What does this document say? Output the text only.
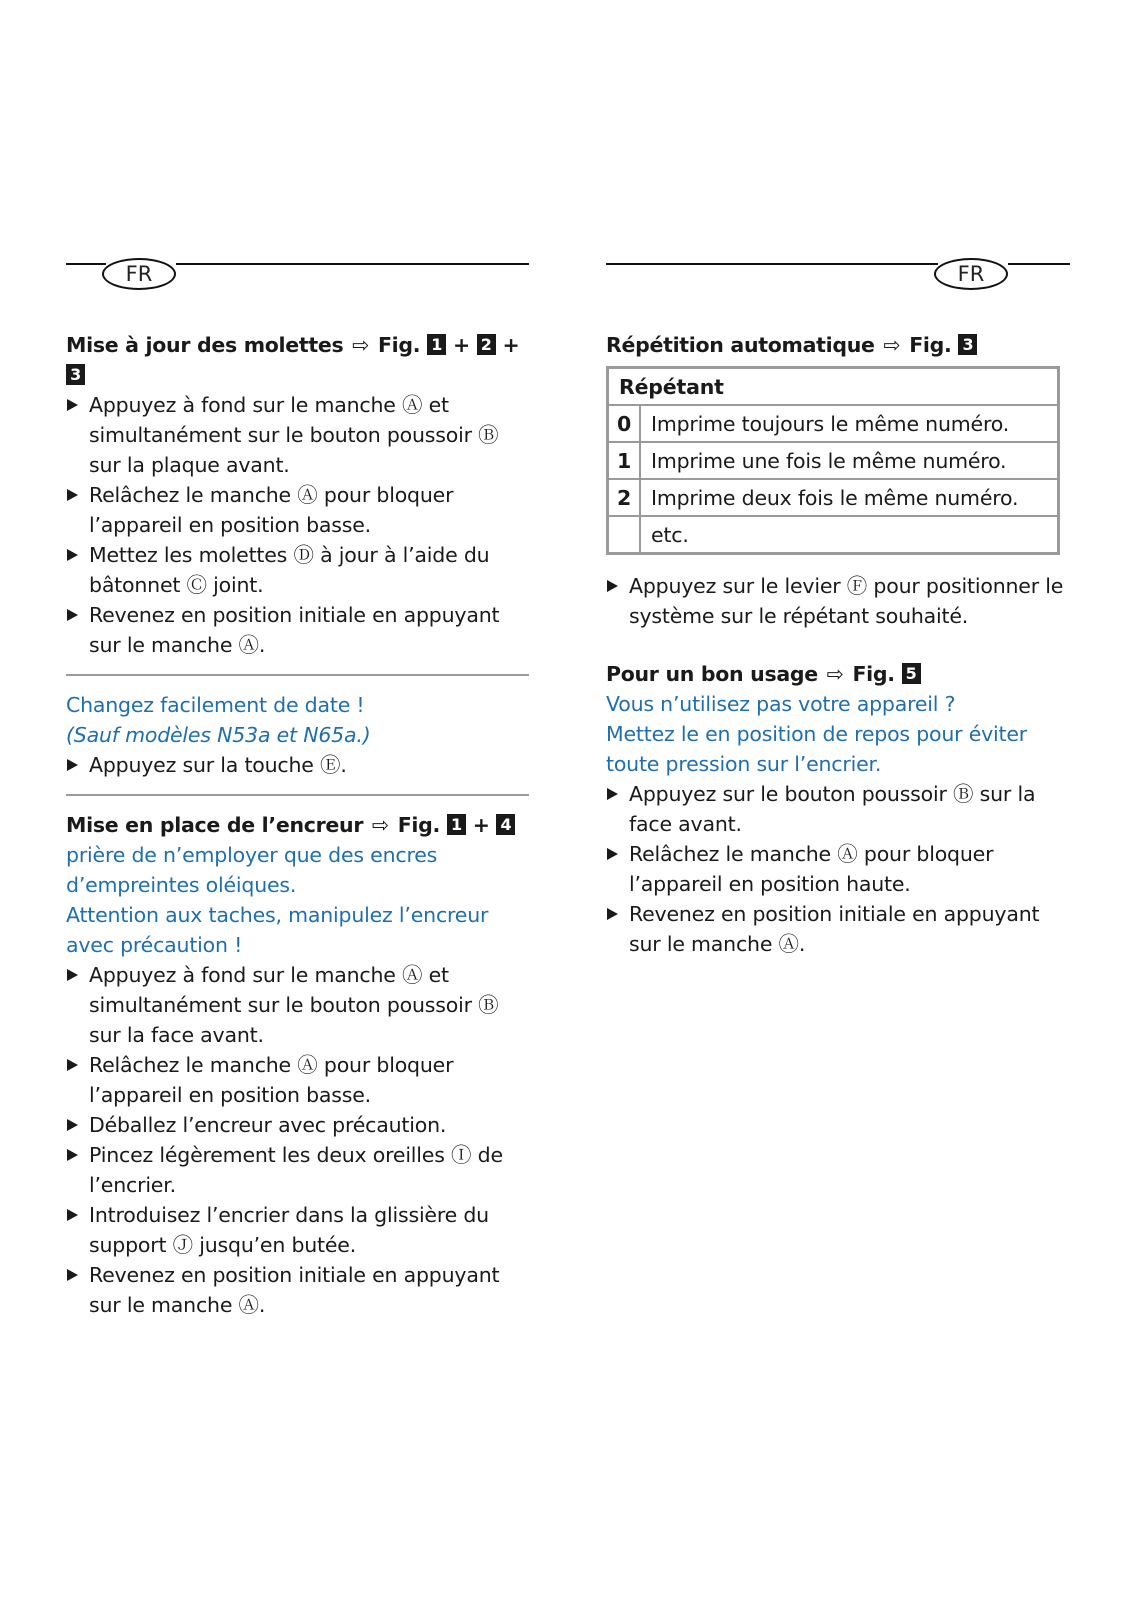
FR	FR
Mise à jour des molettes ⇨ Fig. 1 + 2 + 3
Appuyez à fond sur le manche Ⓐ et simultanément sur le bouton poussoir Ⓑ sur la plaque avant.
Relâchez le manche Ⓐ pour bloquer l’appareil en position basse.
Mettez les molettes Ⓓ à jour à l’aide du bâtonnet Ⓒ joint.
Revenez en position initiale en appuyant sur le manche Ⓐ.
Changez facilement de date !
(Sauf modèles N53a et N65a.)
Appuyez sur la touche Ⓔ.
Mise en place de l’encreur ⇨ Fig. 1 + 4
prière de n’employer que des encres d’empreintes oléiques.
Attention aux taches, manipulez l’encreur avec précaution !
Appuyez à fond sur le manche Ⓐ et simultanément sur le bouton poussoir Ⓑ sur la face avant.
Relâchez le manche Ⓐ pour bloquer l’appareil en position basse.
Déballez l’encreur avec précaution.
Pincez légèrement les deux oreilles Ⓘ de l’encrier.
Introduisez l’encrier dans la glissière du support Ⓙ jusqu’en butée.
Revenez en position initiale en appuyant sur le manche Ⓐ.
Répétition automatique ⇨ Fig. 3
Répétant	
0	Imprime toujours le même numéro.
1	Imprime une fois le même numéro.
2	Imprime deux fois le même numéro.
	etc.
Appuyez sur le levier Ⓕ pour positionner le système sur le répétant souhaité.
Pour un bon usage ⇨ Fig. 5
Vous n’utilisez pas votre appareil ?
Mettez le en position de repos pour éviter toute pression sur l’encrier.
Appuyez sur le bouton poussoir Ⓑ sur la face avant.
Relâchez le manche Ⓐ pour bloquer l’appareil en position haute.
Revenez en position initiale en appuyant sur le manche Ⓐ.
